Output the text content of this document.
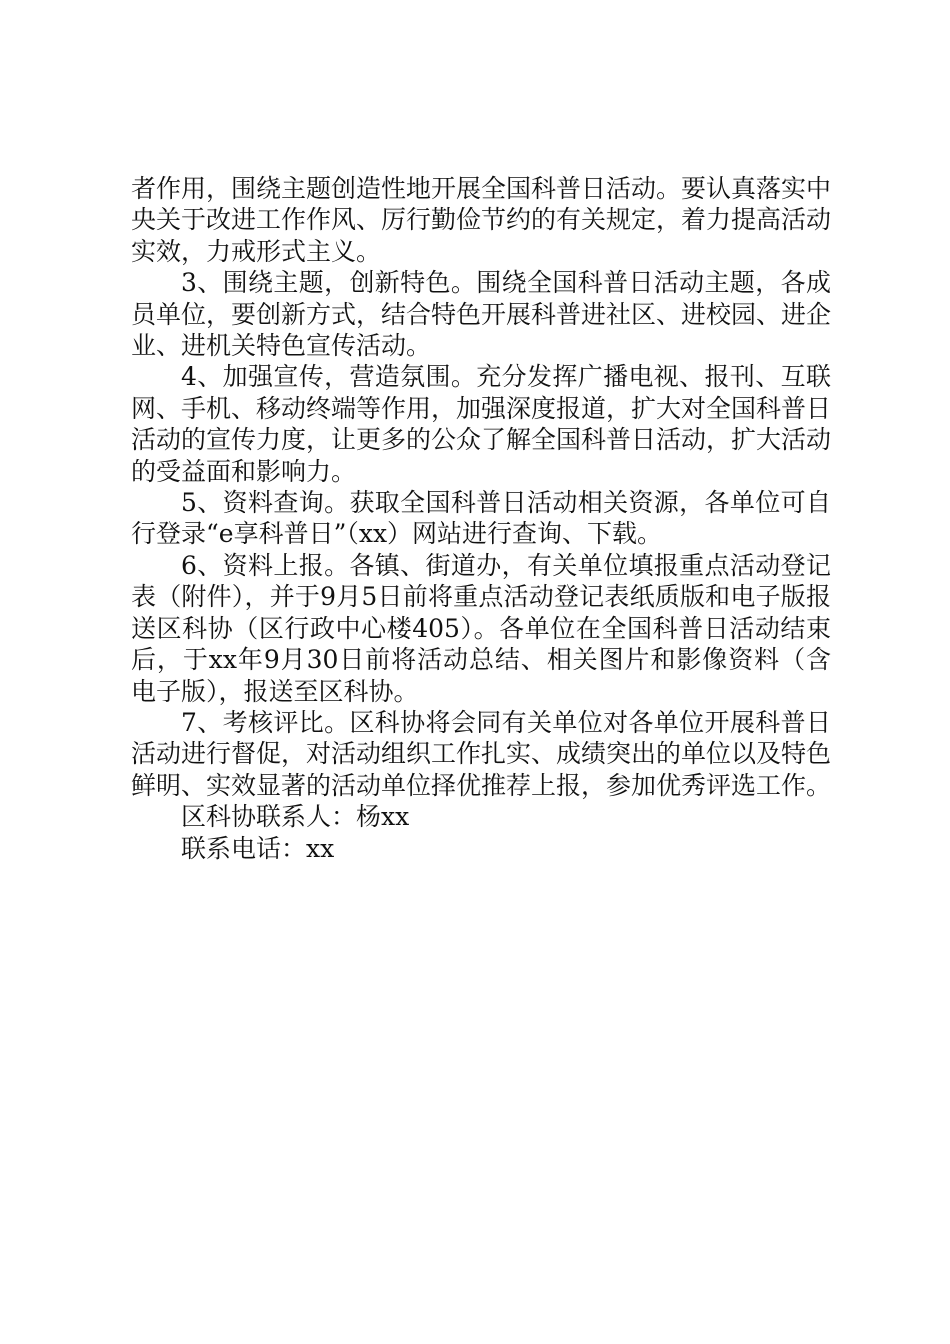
者作用，围绕主题创造性地开展全国科普日活动。要认真落实中央关于改进工作作风、厉行勤俭节约的有关规定，着力提高活动实效，力戒形式主义。

3、围绕主题，创新特色。围绕全国科普日活动主题，各成员单位，要创新方式，结合特色开展科普进社区、进校园、进企业、进机关特色宣传活动。

4、加强宣传，营造氛围。充分发挥广播电视、报刊、互联网、手机、移动终端等作用，加强深度报道，扩大对全国科普日活动的宣传力度，让更多的公众了解全国科普日活动，扩大活动的受益面和影响力。

5、资料查询。获取全国科普日活动相关资源，各单位可自行登录“e享科普日”（xx）网站进行查询、下载。

6、资料上报。各镇、街道办，有关单位填报重点活动登记表（附件），并于9月5日前将重点活动登记表纸质版和电子版报送区科协（区行政中心楼405）。各单位在全国科普日活动结束后，于xx年9月30日前将活动总结、相关图片和影像资料（含电子版），报送至区科协。

7、考核评比。区科协将会同有关单位对各单位开展科普日活动进行督促，对活动组织工作扎实、成绩突出的单位以及特色鲜明、实效显著的活动单位择优推荐上报，参加优秀评选工作。

区科协联系人：杨xx

联系电话：xx
